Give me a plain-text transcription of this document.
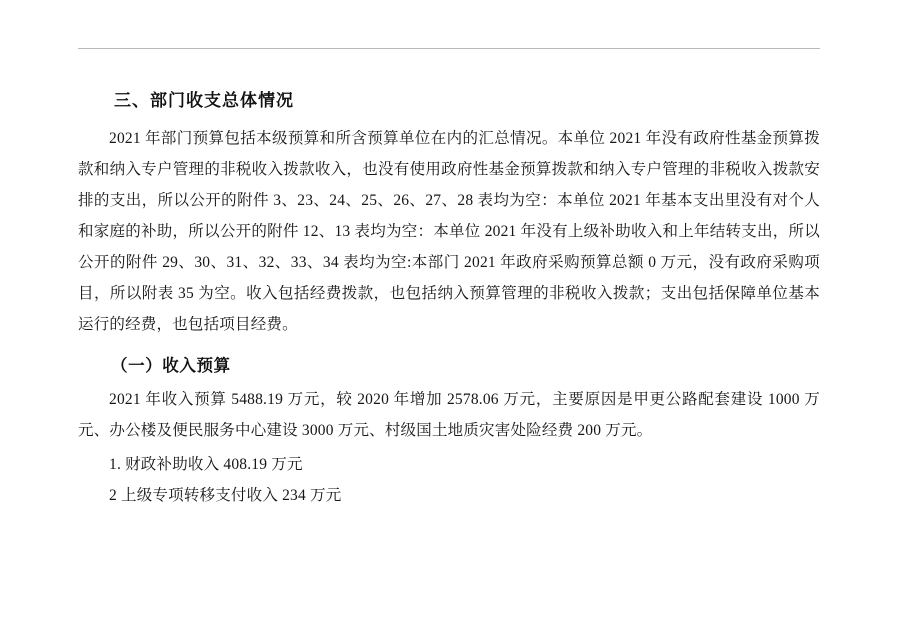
三、部门收支总体情况

2021 年部门预算包括本级预算和所含预算单位在内的汇总情况。本单位 2021 年没有政府性基金预算拨款和纳入专户管理的非税收入拨款收入，也没有使用政府性基金预算拨款和纳入专户管理的非税收入拨款安排的支出，所以公开的附件 3、23、24、25、26、27、28 表均为空：本单位 2021 年基本支出里没有对个人和家庭的补助，所以公开的附件 12、13 表均为空：本单位 2021 年没有上级补助收入和上年结转支出，所以公开的附件 29、30、31、32、33、34 表均为空:本部门 2021 年政府采购预算总额 0 万元，没有政府采购项目，所以附表 35 为空。收入包括经费拨款，也包括纳入预算管理的非税收入拨款；支出包括保障单位基本运行的经费，也包括项目经费。

（一）收入预算

2021 年收入预算 5488.19 万元，较 2020 年增加 2578.06 万元，主要原因是甲更公路配套建设 1000 万元、办公楼及便民服务中心建设 3000 万元、村级国土地质灾害处险经费 200 万元。

1. 财政补助收入 408.19 万元

2 上级专项转移支付收入 234 万元
